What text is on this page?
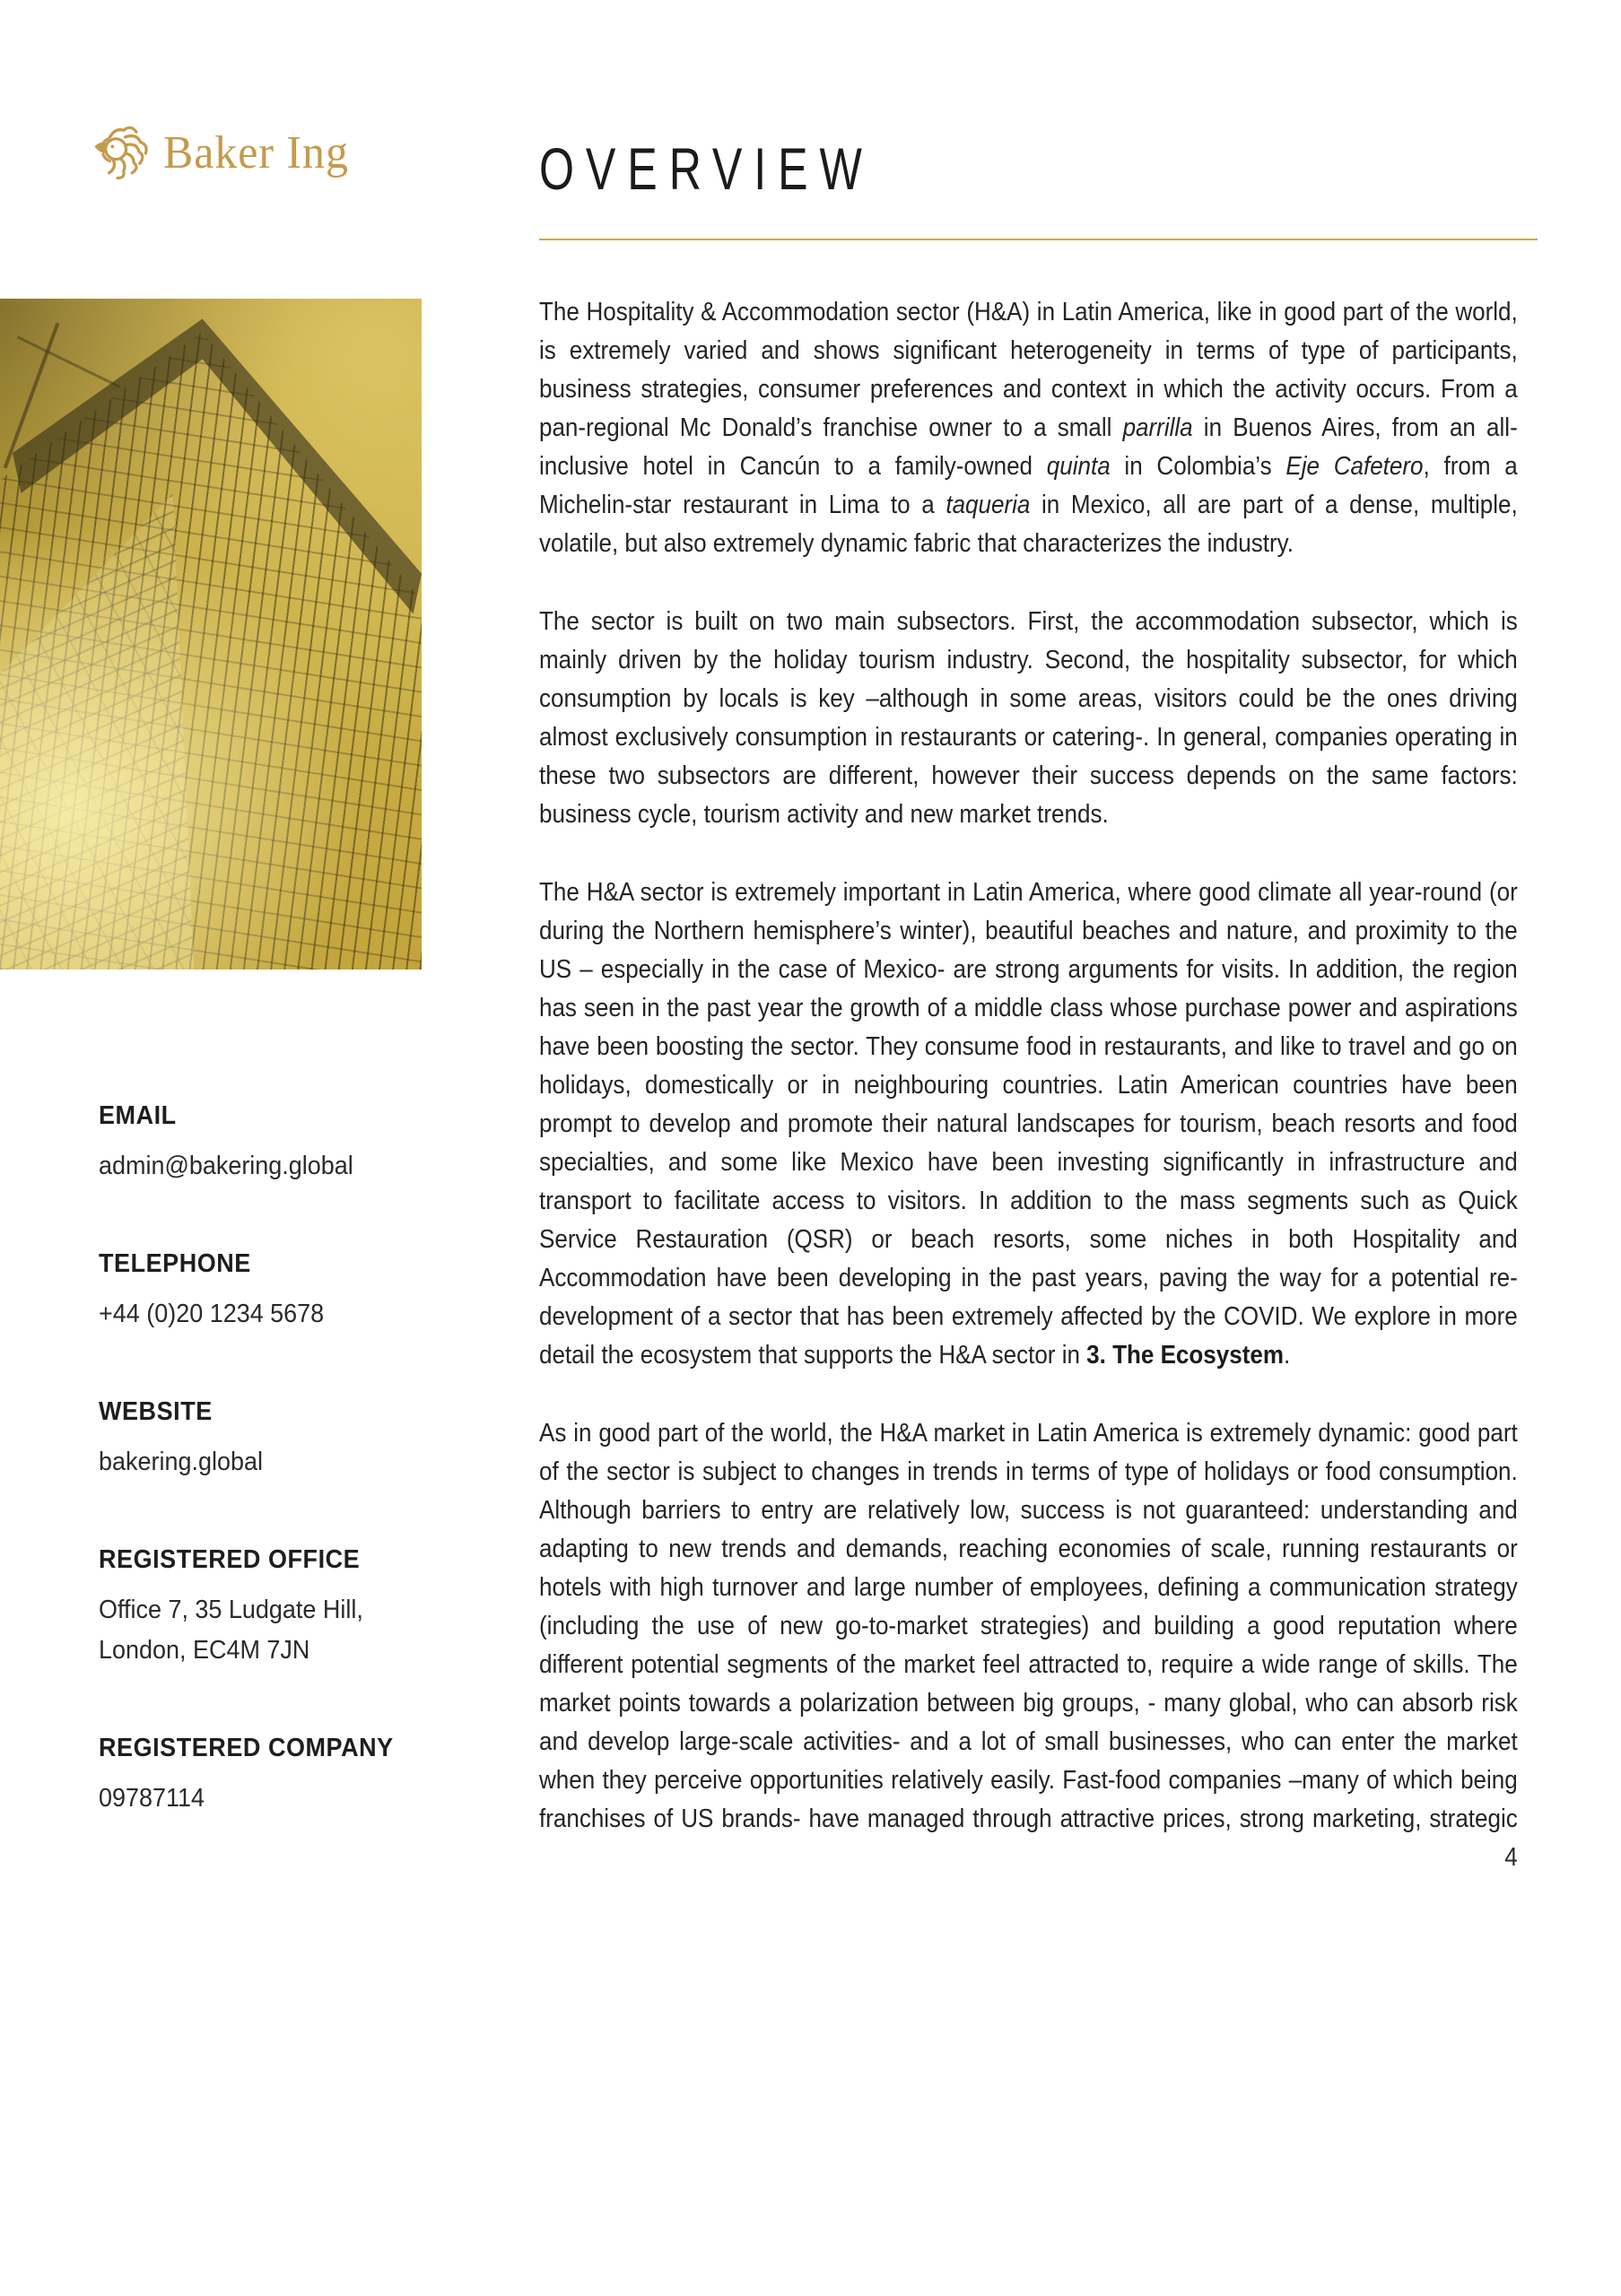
Baker Ing	OVERVIEW
EMAIL
admin@bakering.global
TELEPHONE
+44 (0)20 1234 5678
WEBSITE
bakering.global
REGISTERED OFFICE
Office 7, 35 Ludgate Hill,
London, EC4M 7JN
REGISTERED COMPANY
09787114

The Hospitality & Accommodation sector (H&A) in Latin America, like in good part of the world, is extremely varied and shows significant heterogeneity in terms of type of participants, business strategies, consumer preferences and context in which the activity occurs. From a pan-regional Mc Donald’s franchise owner to a small parrilla in Buenos Aires, from an all-inclusive hotel in Cancún to a family-owned quinta in Colombia’s Eje Cafetero, from a Michelin-star restaurant in Lima to a taqueria in Mexico, all are part of a dense, multiple, volatile, but also extremely dynamic fabric that characterizes the industry.

The sector is built on two main subsectors. First, the accommodation subsector, which is mainly driven by the holiday tourism industry. Second, the hospitality subsector, for which consumption by locals is key –although in some areas, visitors could be the ones driving almost exclusively consumption in restaurants or catering-. In general, companies operating in these two subsectors are different, however their success depends on the same factors: business cycle, tourism activity and new market trends.

The H&A sector is extremely important in Latin America, where good climate all year-round (or during the Northern hemisphere’s winter), beautiful beaches and nature, and proximity to the US – especially in the case of Mexico- are strong arguments for visits. In addition, the region has seen in the past year the growth of a middle class whose purchase power and aspirations have been boosting the sector. They consume food in restaurants, and like to travel and go on holidays, domestically or in neighbouring countries. Latin American countries have been prompt to develop and promote their natural landscapes for tourism, beach resorts and food specialties, and some like Mexico have been investing significantly in infrastructure and transport to facilitate access to visitors. In addition to the mass segments such as Quick Service Restauration (QSR) or beach resorts, some niches in both Hospitality and Accommodation have been developing in the past years, paving the way for a potential re-development of a sector that has been extremely affected by the COVID. We explore in more detail the ecosystem that supports the H&A sector in 3. The Ecosystem.

As in good part of the world, the H&A market in Latin America is extremely dynamic: good part of the sector is subject to changes in trends in terms of type of holidays or food consumption. Although barriers to entry are relatively low, success is not guaranteed: understanding and adapting to new trends and demands, reaching economies of scale, running restaurants or hotels with high turnover and large number of employees, defining a communication strategy (including the use of new go-to-market strategies) and building a good reputation where different potential segments of the market feel attracted to, require a wide range of skills. The market points towards a polarization between big groups, - many global, who can absorb risk and develop large-scale activities- and a lot of small businesses, who can enter the market when they perceive opportunities relatively easily. Fast-food companies –many of which being franchises of US brands- have managed through attractive prices, strong marketing, strategic

4
